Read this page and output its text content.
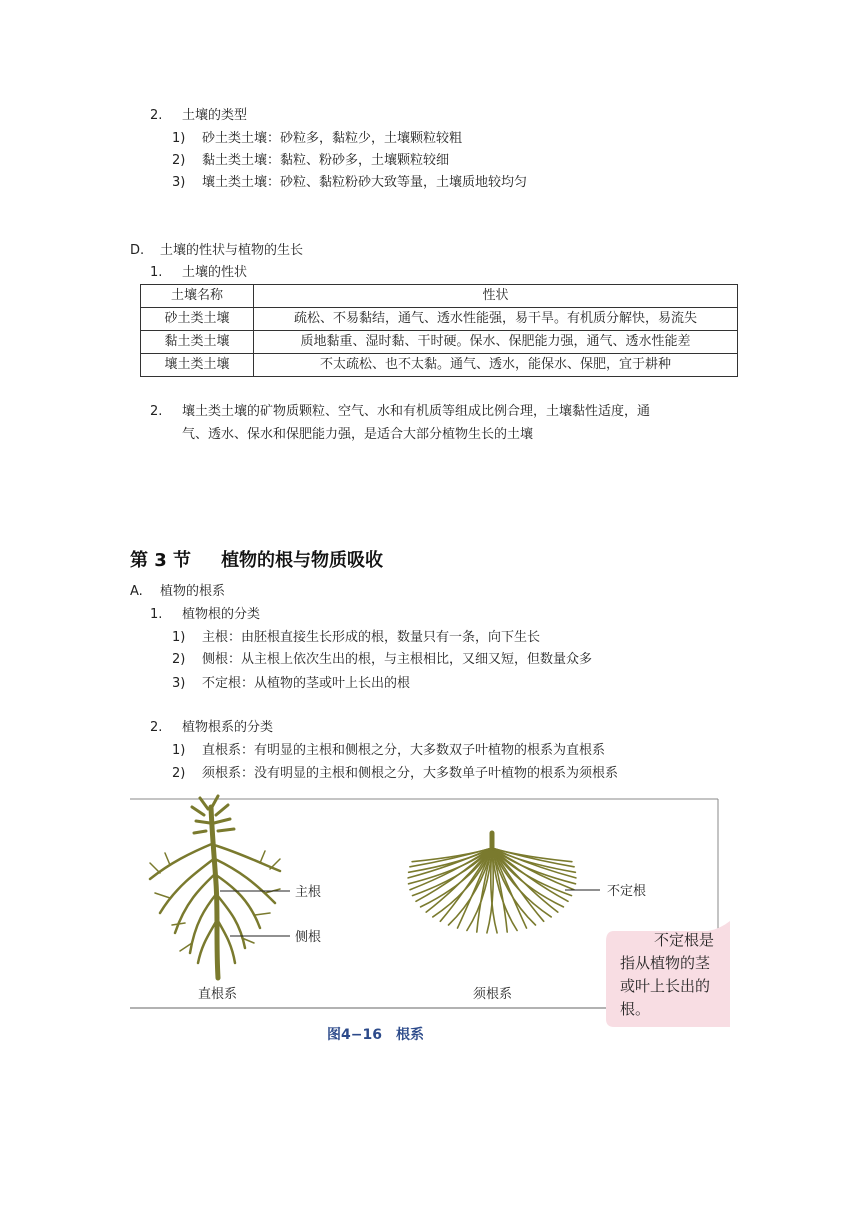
2. 土壤的类型
1) 砂土类土壤：砂粒多，黏粒少，土壤颗粒较粗
2) 黏土类土壤：黏粒、粉砂多，土壤颗粒较细
3) 壤土类土壤：砂粒、黏粒粉砂大致等量，土壤质地较均匀
D. 土壤的性状与植物的生长
1. 土壤的性状
土壤名称	性状
砂土类土壤	疏松、不易黏结，通气、透水性能强，易干旱。有机质分解快，易流失
黏土类土壤	质地黏重、湿时黏、干时硬。保水、保肥能力强，通气、透水性能差
壤土类土壤	不太疏松、也不太黏。通气、透水，能保水、保肥，宜于耕种
2. 壤土类土壤的矿物质颗粒、空气、水和有机质等组成比例合理，土壤黏性适度，通
气、透水、保水和保肥能力强，是适合大部分植物生长的土壤
第 3 节 植物的根与物质吸收
A. 植物的根系
1. 植物根的分类
1) 主根：由胚根直接生长形成的根，数量只有一条，向下生长
2) 侧根：从主根上依次生出的根，与主根相比，又细又短，但数量众多
3) 不定根：从植物的茎或叶上长出的根
2. 植物根系的分类
1) 直根系：有明显的主根和侧根之分，大多数双子叶植物的根系为直根系
2) 须根系：没有明显的主根和侧根之分，大多数单子叶植物的根系为须根系
主根
侧根
不定根
直根系	须根系
不定根是
指从植物的茎
或叶上长出的
根。
图4−16　根系
